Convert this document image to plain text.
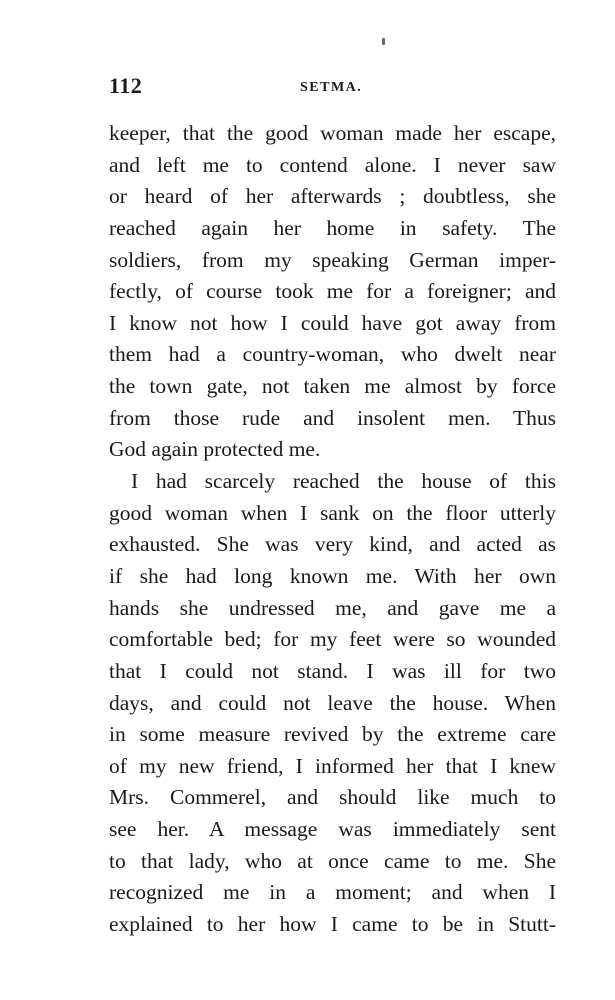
112	SETMA.
keeper, that the good woman made her escape,
and left me to contend alone. I never saw
or heard of her afterwards ; doubtless, she
reached again her home in safety. The
soldiers, from my speaking German imper-
fectly, of course took me for a foreigner; and
I know not how I could have got away from
them had a country-woman, who dwelt near
the town gate, not taken me almost by force
from those rude and insolent men. Thus
God again protected me.
I had scarcely reached the house of this
good woman when I sank on the floor utterly
exhausted. She was very kind, and acted as
if she had long known me. With her own
hands she undressed me, and gave me a
comfortable bed; for my feet were so wounded
that I could not stand. I was ill for two
days, and could not leave the house. When
in some measure revived by the extreme care
of my new friend, I informed her that I knew
Mrs. Commerel, and should like much to
see her. A message was immediately sent
to that lady, who at once came to me. She
recognized me in a moment; and when I
explained to her how I came to be in Stutt-
